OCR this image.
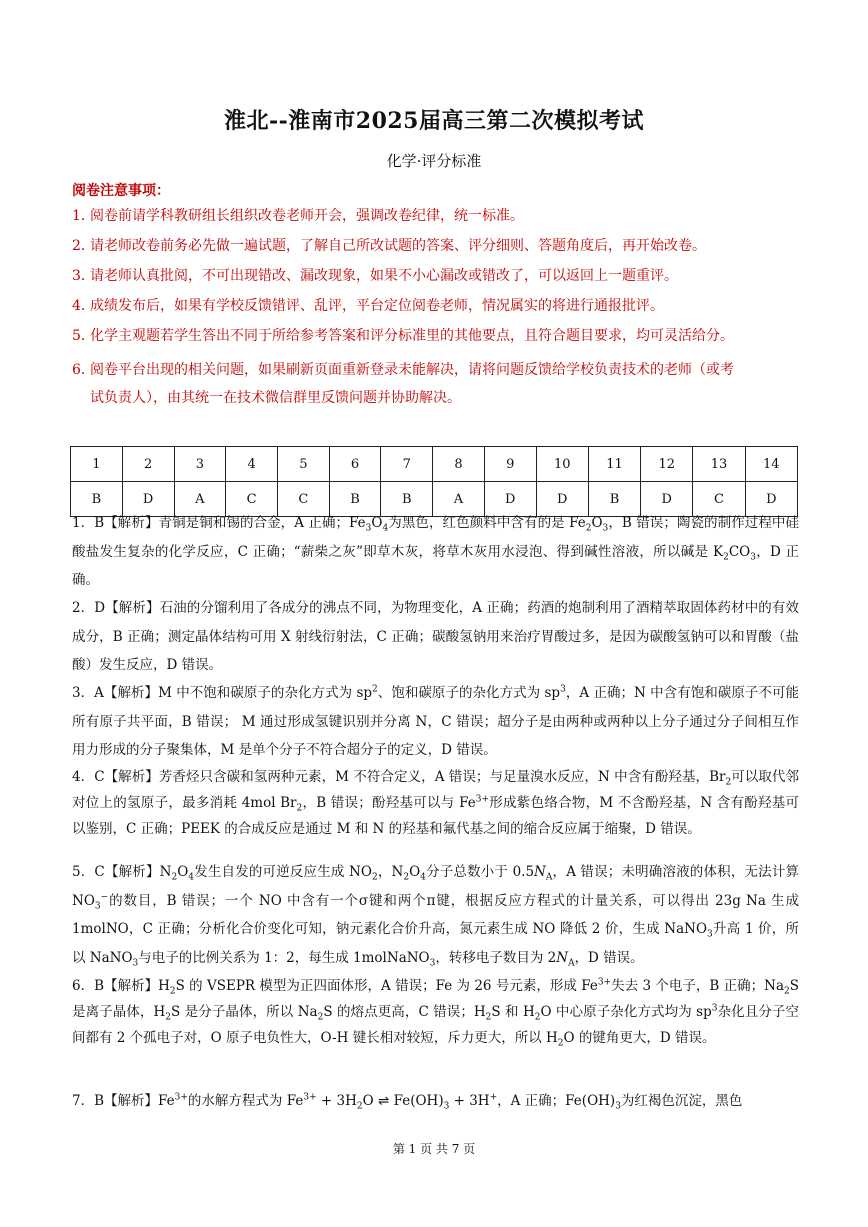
淮北--淮南市2025届高三第二次模拟考试
化学·评分标准
阅卷注意事项：
1．阅卷前请学科教研组长组织改卷老师开会，强调改卷纪律，统一标准。
2．请老师改卷前务必先做一遍试题，了解自己所改试题的答案、评分细则、答题角度后，再开始改卷。
3．请老师认真批阅，不可出现错改、漏改现象，如果不小心漏改或错改了，可以返回上一题重评。
4．成绩发布后，如果有学校反馈错评、乱评，平台定位阅卷老师，情况属实的将进行通报批评。
5．化学主观题若学生答出不同于所给参考答案和评分标准里的其他要点，且符合题目要求，均可灵活给分。
6．阅卷平台出现的相关问题，如果刷新页面重新登录未能解决，请将问题反馈给学校负责技术的老师（或考
试负责人），由其统一在技术微信群里反馈问题并协助解决。
1	2	3	4	5	6	7	8	9	10	11	12	13	14
B	D	A	C	C	B	B	A	D	D	B	D	C	D
1．B【解析】青铜是铜和锡的合金，A 正确；$Fe_3O_4$为黑色，红色颜料中含有的是 $Fe_2O_3$，B 错误；陶瓷的制作过程中硅酸盐发生复杂的化学反应，C 正确；“薪柴之灰”即草木灰，将草木灰用水浸泡、得到碱性溶液，所以碱是 $K_2CO_3$，D 正确。
2．D【解析】石油的分馏利用了各成分的沸点不同，为物理变化，A 正确；药酒的炮制利用了酒精萃取固体药材中的有效成分，B 正确；测定晶体结构可用 X 射线衍射法，C 正确；碳酸氢钠用来治疗胃酸过多，是因为碳酸氢钠可以和胃酸（盐酸）发生反应，D 错误。
3．A【解析】M 中不饱和碳原子的杂化方式为 $sp^2$、饱和碳原子的杂化方式为 $sp^3$，A 正确；N 中含有饱和碳原子不可能所有原子共平面，B 错误； M 通过形成氢键识别并分离 N，C 错误；超分子是由两种或两种以上分子通过分子间相互作用力形成的分子聚集体，M 是单个分子不符合超分子的定义，D 错误。
4．C【解析】芳香烃只含碳和氢两种元素，M 不符合定义，A 错误；与足量溴水反应，N 中含有酚羟基，$Br_2$可以取代邻对位上的氢原子，最多消耗 4mol $Br_2$，B 错误；酚羟基可以与 $Fe^{3+}$形成紫色络合物，M 不含酚羟基，N 含有酚羟基可以鉴别，C 正确；PEEK 的合成反应是通过 M 和 N 的羟基和氟代基之间的缩合反应属于缩聚，D 错误。
5．C【解析】$N_2O_4$发生自发的可逆反应生成 $NO_2$，$N_2O_4$分子总数小于 $0.5N_A$，A 错误；未明确溶液的体积，无法计算$NO_3^-$的数目，B 错误；一个 NO 中含有一个σ键和两个π键，根据反应方程式的计量关系，可以得出 23g Na 生成 1molNO，C 正确；分析化合价变化可知，钠元素化合价升高，氮元素生成 NO 降低 2 价，生成 NaNO$_3$升高 1 价，所以 NaNO$_3$与电子的比例关系为 1：2，每生成 1molNaNO$_3$，转移电子数目为 $2N_A$，D 错误。
6．B【解析】$H_2S$ 的 VSEPR 模型为正四面体形，A 错误；Fe 为 26 号元素，形成 $Fe^{3+}$失去 3 个电子，B 正确；$Na_2S$ 是离子晶体，$H_2S$ 是分子晶体，所以 $Na_2S$ 的熔点更高，C 错误；$H_2S$ 和 $H_2O$ 中心原子杂化方式均为 $sp^3$杂化且分子空间都有 2 个孤电子对，O 原子电负性大，O-H 键长相对较短，斥力更大，所以 $H_2O$ 的键角更大，D 错误。
7．B【解析】$Fe^{3+}$的水解方程式为 $Fe^{3+} + 3H_2O$ ⇌ $Fe(OH)_3 + 3H^+$，A 正确；$Fe(OH)_3$为红褐色沉淀，黑色
第 1 页 共 7 页
